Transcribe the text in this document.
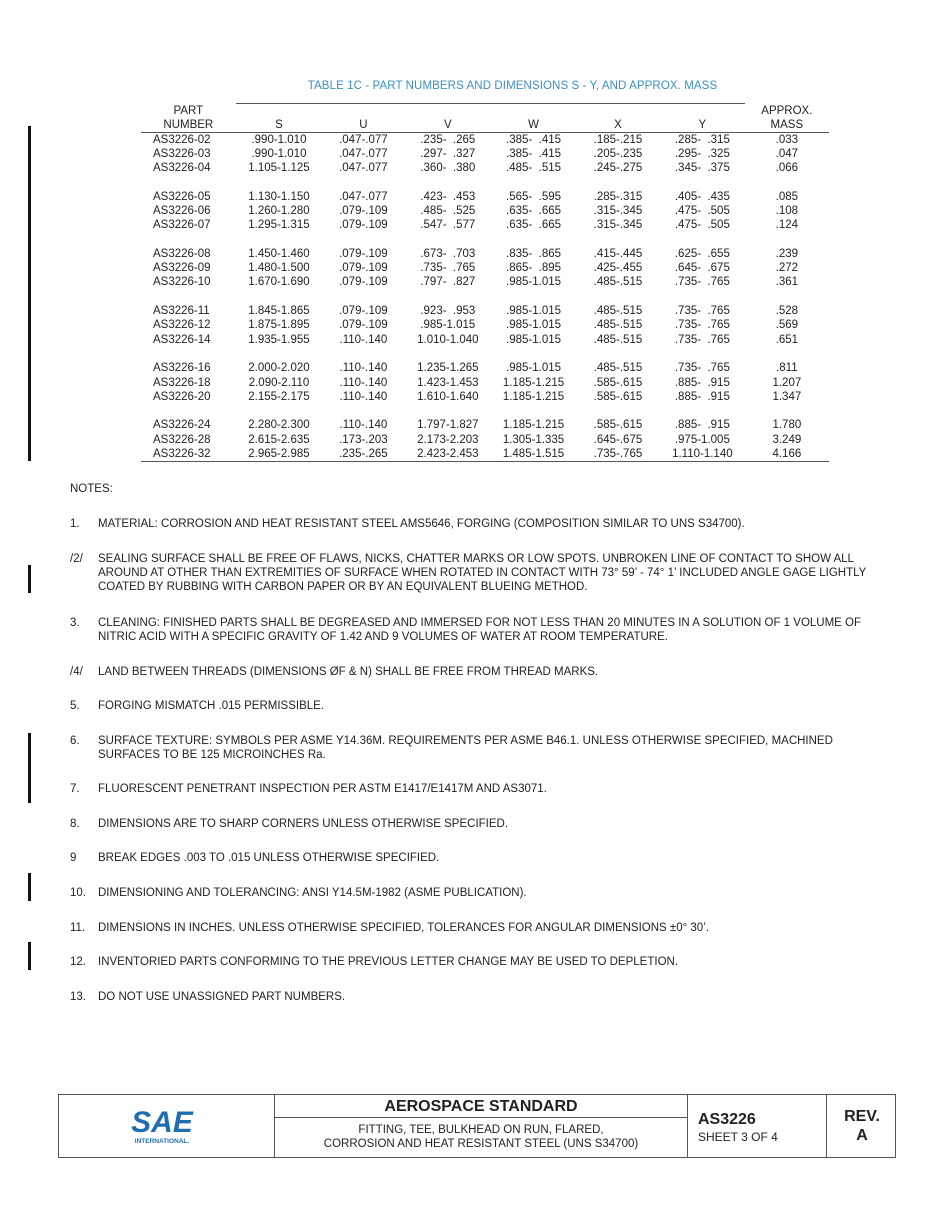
TABLE 1C - PART NUMBERS AND DIMENSIONS S - Y, AND APPROX. MASS
PART							APPROX.
NUMBER	S	U	V	W	X	Y	MASS
AS3226-02	.990-1.010	.047-.077	.235-  .265	.385-  .415	.185-.215	.285-  .315	.033
AS3226-03	.990-1.010	.047-.077	.297-  .327	.385-  .415	.205-.235	.295-  .325	.047
AS3226-04	1.105-1.125	.047-.077	.360-  .380	.485-  .515	.245-.275	.345-  .375	.066

AS3226-05	1.130-1.150	.047-.077	.423-  .453	.565-  .595	.285-.315	.405-  .435	.085
AS3226-06	1.260-1.280	.079-.109	.485-  .525	.635-  .665	.315-.345	.475-  .505	.108
AS3226-07	1.295-1.315	.079-.109	.547-  .577	.635-  .665	.315-.345	.475-  .505	.124

AS3226-08	1.450-1.460	.079-.109	.673-  .703	.835-  .865	.415-.445	.625-  .655	.239
AS3226-09	1.480-1.500	.079-.109	.735-  .765	.865-  .895	.425-.455	.645-  .675	.272
AS3226-10	1.670-1.690	.079-.109	.797-  .827	.985-1.015	.485-.515	.735-  .765	.361

AS3226-11	1.845-1.865	.079-.109	.923-  .953	.985-1.015	.485-.515	.735-  .765	.528
AS3226-12	1.875-1.895	.079-.109	.985-1.015	.985-1.015	.485-.515	.735-  .765	.569
AS3226-14	1.935-1.955	.110-.140	1.010-1.040	.985-1.015	.485-.515	.735-  .765	.651

AS3226-16	2.000-2.020	.110-.140	1.235-1.265	.985-1.015	.485-.515	.735-  .765	.811
AS3226-18	2.090-2.110	.110-.140	1.423-1.453	1.185-1.215	.585-.615	.885-  .915	1.207
AS3226-20	2.155-2.175	.110-.140	1.610-1.640	1.185-1.215	.585-.615	.885-  .915	1.347

AS3226-24	2.280-2.300	.110-.140	1.797-1.827	1.185-1.215	.585-.615	.885-  .915	1.780
AS3226-28	2.615-2.635	.173-.203	2.173-2.203	1.305-1.335	.645-.675	.975-1.005	3.249
AS3226-32	2.965-2.985	.235-.265	2.423-2.453	1.485-1.515	.735-.765	1.110-1.140	4.166
NOTES:
1. MATERIAL: CORROSION AND HEAT RESISTANT STEEL AMS5646, FORGING (COMPOSITION SIMILAR TO UNS S34700).
/2/ SEALING SURFACE SHALL BE FREE OF FLAWS, NICKS, CHATTER MARKS OR LOW SPOTS. UNBROKEN LINE OF CONTACT TO SHOW ALL AROUND AT OTHER THAN EXTREMITIES OF SURFACE WHEN ROTATED IN CONTACT WITH 73° 59’ - 74° 1’ INCLUDED ANGLE GAGE LIGHTLY COATED BY RUBBING WITH CARBON PAPER OR BY AN EQUIVALENT BLUEING METHOD.
3. CLEANING: FINISHED PARTS SHALL BE DEGREASED AND IMMERSED FOR NOT LESS THAN 20 MINUTES IN A SOLUTION OF 1 VOLUME OF NITRIC ACID WITH A SPECIFIC GRAVITY OF 1.42 AND 9 VOLUMES OF WATER AT ROOM TEMPERATURE.
/4/ LAND BETWEEN THREADS (DIMENSIONS ØF & N) SHALL BE FREE FROM THREAD MARKS.
5. FORGING MISMATCH .015 PERMISSIBLE.
6. SURFACE TEXTURE: SYMBOLS PER ASME Y14.36M. REQUIREMENTS PER ASME B46.1. UNLESS OTHERWISE SPECIFIED, MACHINED SURFACES TO BE 125 MICROINCHES Ra.
7. FLUORESCENT PENETRANT INSPECTION PER ASTM E1417/E1417M AND AS3071.
8. DIMENSIONS ARE TO SHARP CORNERS UNLESS OTHERWISE SPECIFIED.
9 BREAK EDGES .003 TO .015 UNLESS OTHERWISE SPECIFIED.
10. DIMENSIONING AND TOLERANCING: ANSI Y14.5M-1982 (ASME PUBLICATION).
11. DIMENSIONS IN INCHES. UNLESS OTHERWISE SPECIFIED, TOLERANCES FOR ANGULAR DIMENSIONS ±0° 30’.
12. INVENTORIED PARTS CONFORMING TO THE PREVIOUS LETTER CHANGE MAY BE USED TO DEPLETION.
13. DO NOT USE UNASSIGNED PART NUMBERS.
SAE
INTERNATIONAL.
AEROSPACE STANDARD
FITTING, TEE, BULKHEAD ON RUN, FLARED,
CORROSION AND HEAT RESISTANT STEEL (UNS S34700)
AS3226
SHEET 3 OF 4
REV.
A
